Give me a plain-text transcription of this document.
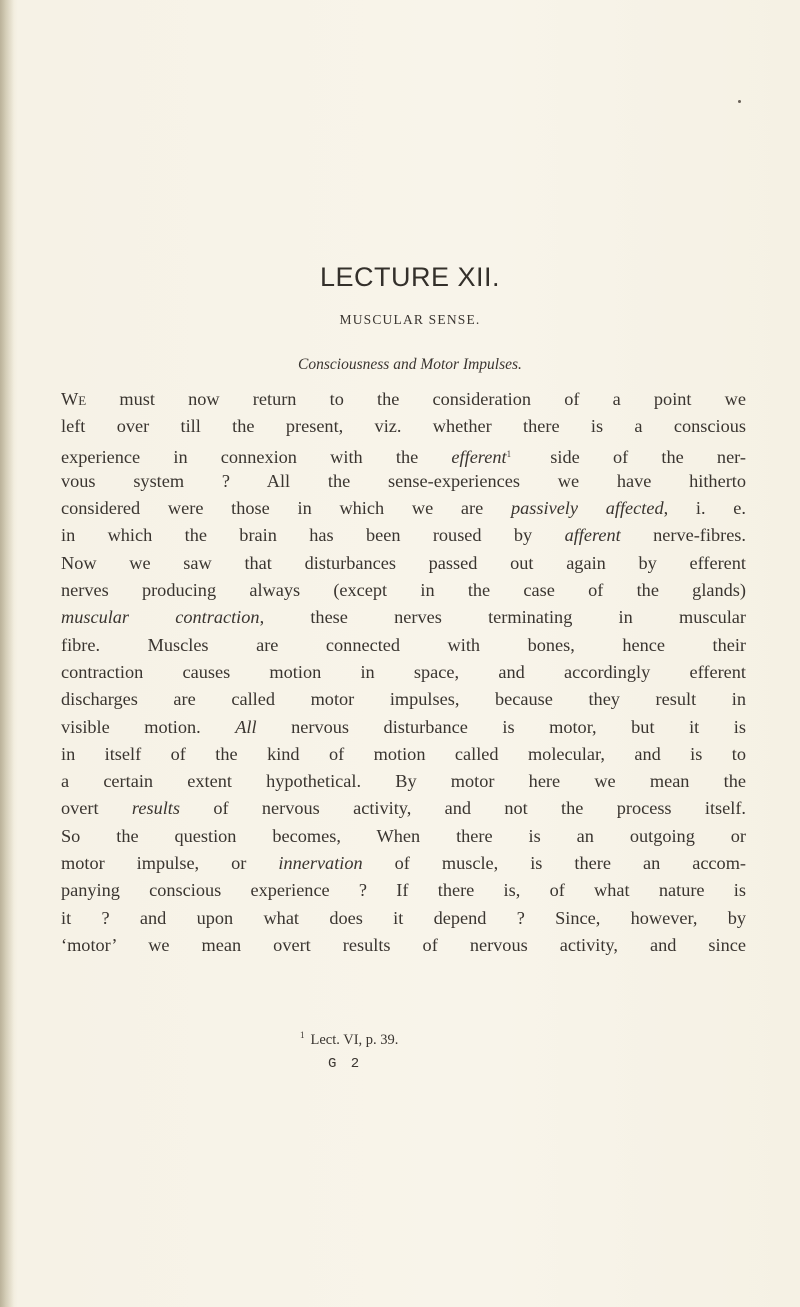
LECTURE XII.
MUSCULAR SENSE.
Consciousness and Motor Impulses.
We must now return to the consideration of a point we
left over till the present, viz. whether there is a conscious
experience in connexion with the efferent$^1$ side of the ner-
vous system ? All the sense-experiences we have hitherto
considered were those in which we are passively affected, i. e.
in which the brain has been roused by afferent nerve-fibres.
Now we saw that disturbances passed out again by efferent
nerves producing always (except in the case of the glands)
muscular contraction, these nerves terminating in muscular
fibre. Muscles are connected with bones, hence their
contraction causes motion in space, and accordingly efferent
discharges are called motor impulses, because they result in
visible motion. All nervous disturbance is motor, but it is
in itself of the kind of motion called molecular, and is to
a certain extent hypothetical. By motor here we mean the
overt results of nervous activity, and not the process itself.
So the question becomes, When there is an outgoing or
motor impulse, or innervation of muscle, is there an accom-
panying conscious experience ? If there is, of what nature is
it ? and upon what does it depend ? Since, however, by
‘motor’ we mean overt results of nervous activity, and since
$^1$ Lect. VI, p. 39.
G 2
